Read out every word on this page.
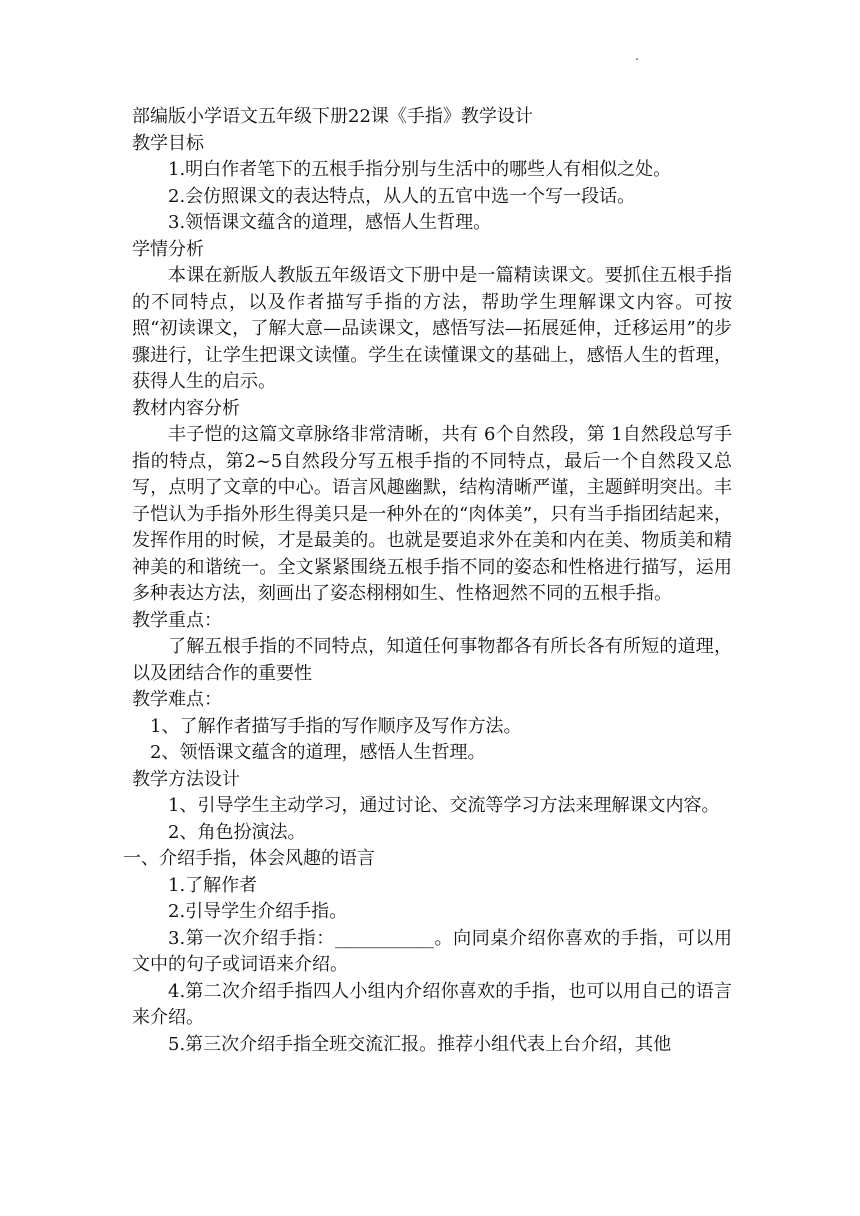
部编版小学语文五年级下册22课《手指》教学设计

教学目标

1.明白作者笔下的五根手指分别与生活中的哪些人有相似之处。

2.会仿照课文的表达特点，从人的五官中选一个写一段话。

3.领悟课文蕴含的道理，感悟人生哲理。

学情分析

本课在新版人教版五年级语文下册中是一篇精读课文。要抓住五根手指的不同特点，以及作者描写手指的方法，帮助学生理解课文内容。可按照“初读课文，了解大意—品读课文，感悟写法—拓展延伸，迁移运用”的步骤进行，让学生把课文读懂。学生在读懂课文的基础上，感悟人生的哲理，获得人生的启示。

教材内容分析

丰子恺的这篇文章脉络非常清晰，共有 6个自然段，第 1自然段总写手指的特点，第2~5自然段分写五根手指的不同特点，最后一个自然段又总写，点明了文章的中心。语言风趣幽默，结构清晰严谨，主题鲜明突出。丰子恺认为手指外形生得美只是一种外在的“肉体美”，只有当手指团结起来，发挥作用的时候，才是最美的。也就是要追求外在美和内在美、物质美和精神美的和谐统一。全文紧紧围绕五根手指不同的姿态和性格进行描写，运用多种表达方法，刻画出了姿态栩栩如生、性格迥然不同的五根手指。

教学重点：

了解五根手指的不同特点，知道任何事物都各有所长各有所短的道理，以及团结合作的重要性

教学难点：

1、了解作者描写手指的写作顺序及写作方法。

2、领悟课文蕴含的道理，感悟人生哲理。

教学方法设计

1、引导学生主动学习，通过讨论、交流等学习方法来理解课文内容。

2、角色扮演法。

一、介绍手指，体会风趣的语言

1.了解作者

2.引导学生介绍手指。

3.第一次介绍手指：___________。向同桌介绍你喜欢的手指，可以用文中的句子或词语来介绍。

4.第二次介绍手指四人小组内介绍你喜欢的手指，也可以用自己的语言来介绍。

5.第三次介绍手指全班交流汇报。推荐小组代表上台介绍，其他
